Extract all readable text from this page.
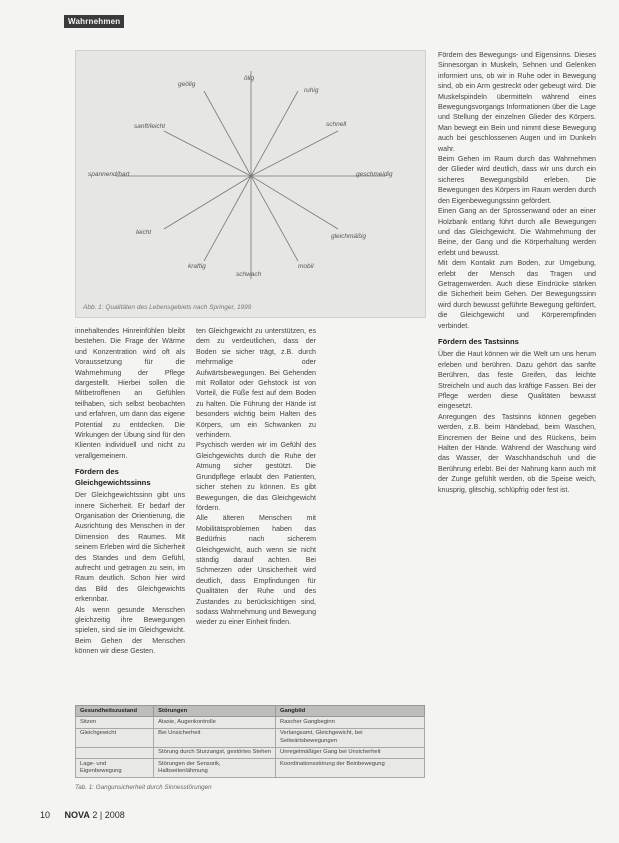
Wahrnehmen
ölig
ruhig
geölig
sanft/leicht
spannend/hart
leicht
kraftig
schwach
mobil
gleichmäßig
geschmeidig
schnell
Abb. 1: Qualitäten des Lebensgebiets nach Springer, 1999

innehaltendes Hinreinfühlen bleibt bestehen. Die Frage der Wärme und Konzentration wird oft als Voraussetzung für die Wahrnehmung der Pflege dargestellt. Hierbei sollen die Mitbetroffenen an Gefühlen teilhaben, sich selbst beobachten und erfahren, um dann das eigene Potential zu entdecken. Die Wirkungen der Übung sind für den Klienten individuell und nicht zu verallgemeinern.

Fördern des Gleichgewichtssinns

Der Gleichgewichtssinn gibt uns innere Sicherheit. Er bedarf der Organisation der Orientierung, die Ausrichtung des Menschen in der Dimension des Raumes. Mit seinem Erleben wird die Sicherheit des Standes und dem Gefühl, aufrecht und getragen zu sein, im Raum deutlich. Schon hier wird das Bild des Gleichgewichts erkennbar.

Als wenn gesunde Menschen gleichzeitig ihre Bewegungen spielen, sind sie im Gleichgewicht. Beim Gehen der Menschen können wir diese Gesten.

ten Gleichgewicht zu unterstützen, es dem zu verdeutlichen, dass der Boden sie sicher trägt, z.B. durch mehrmalige oder Aufwärtsbewegungen. Bei Gehenden mit Rollator oder Gehstock ist von Vorteil, die Füße fest auf dem Boden zu halten. Die Führung der Hände ist besonders wichtig beim Halten des Körpers, um ein Schwanken zu verhindern.

Psychisch werden wir im Gefühl des Gleichgewichts durch die Ruhe der Atmung sicher gestützt. Die Grundpflege erlaubt den Patienten, sicher stehen zu können. Es gibt Bewegungen, die das Gleichgewicht fördern.

Alle älteren Menschen mit Mobilitätsproblemen haben das Bedürfnis nach sicherem Gleichgewicht, auch wenn sie nicht ständig darauf achten. Bei Schmerzen oder Unsicherheit wird deutlich, dass Empfindungen für Qualitäten der Ruhe und des Zustandes zu berücksichtigen sind, sodass Wahrnehmung und Bewegung wieder zu einer Einheit finden.

Fördern des Bewegungs- und Eigensinns. Dieses Sinnesorgan in Muskeln, Sehnen und Gelenken informiert uns, ob wir in Ruhe oder in Bewegung sind, ob ein Arm gestreckt oder gebeugt wird. Die Muskelspindeln übermitteln während eines Bewegungsvorgangs Informationen über die Lage und Stellung der einzelnen Glieder des Körpers. Man bewegt ein Bein und nimmt diese Bewegung auch bei geschlossenen Augen und im Dunkeln wahr.

Beim Gehen im Raum durch das Wahrnehmen der Glieder wird deutlich, dass wir uns durch ein sicheres Bewegungsbild erleben. Die Bewegungen des Körpers im Raum werden durch den Eigenbewegungssinn gefördert.

Einen Gang an der Sprossenwand oder an einer Holzbank entlang führt durch alle Bewegungen und das Gleichgewicht. Die Wahrnehmung der Beine, der Gang und die Körperhaltung werden erlebt und bewusst.

Mit dem Kontakt zum Boden, zur Umgebung, erlebt der Mensch das Tragen und Getragenwerden. Auch diese Eindrücke stärken die Sicherheit beim Gehen. Der Bewegungssinn wird durch bewusst geführte Bewegung gefördert, die Gleichgewicht und Körperempfinden verbindet.

Fördern des Tastsinns

Über die Haut können wir die Welt um uns herum erleben und berühren. Dazu gehört das sanfte Berühren, das feste Greifen, das leichte Streicheln und auch das kräftige Fassen. Bei der Pflege werden diese Qualitäten bewusst eingesetzt.

Anregungen des Tastsinns können gegeben werden, z.B. beim Händebad, beim Waschen, Eincremen der Beine und des Rückens, beim Halten der Hände. Während der Waschung wird das Wasser, der Waschhandschuh und die Berührung erlebt. Bei der Nahrung kann auch mit der Zunge gefühlt werden, ob die Speise weich, knusprig, glitschig, schlüpfrig oder fest ist.

Gesundheitszustand	Störungen	Gangbild
Sitzen	Ataxie, Augenkontrolle	Rascher Gangbeginn
Gleichgewicht	Bei Unsicherheit	Verlangsamt, Gleichgewicht, bei Seitwärtsbewegungen
	Störung durch Sturzangst, gestörtes Stehen	Unregelmäßiger Gang bei Unsicherheit
Lage- und Eigenbewegung	Störungen der Sensorik, Halbseitenlähmung	Koordinationsstörung der Beinbewegung
Tab. 1: Gangunsicherheit durch Sinnesstörungen
10 NOVA 2 | 2008
